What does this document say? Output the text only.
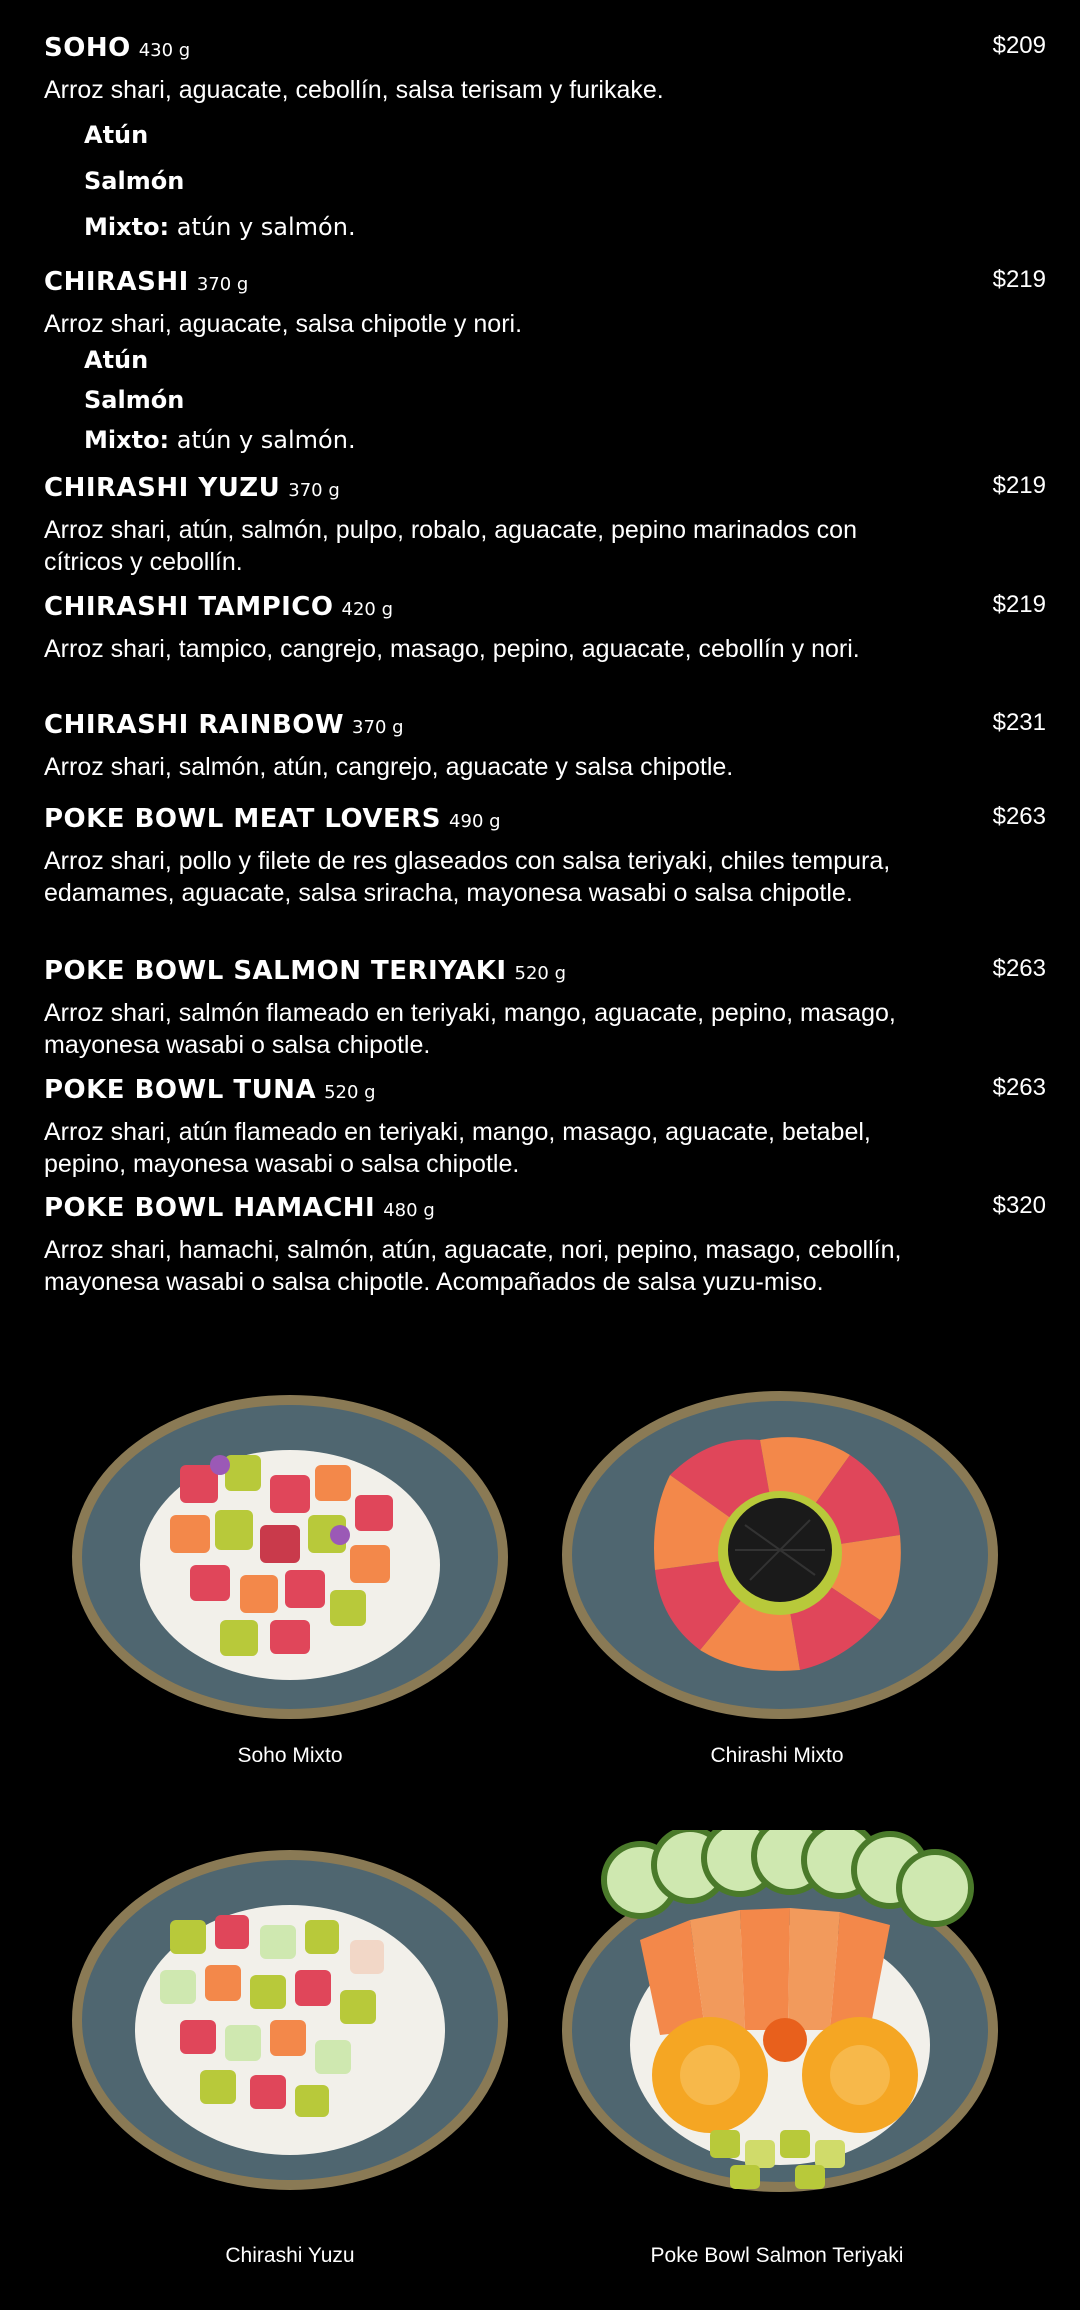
SOHO 430 g	$209
Arroz shari, aguacate, cebollín, salsa terisam y furikake.
Atún
Salmón
Mixto: atún y salmón.
CHIRASHI 370 g	$219
Arroz shari, aguacate, salsa chipotle y nori.
Atún
Salmón
Mixto: atún y salmón.
CHIRASHI YUZU 370 g	$219
Arroz shari, atún, salmón, pulpo, robalo, aguacate, pepino marinados con cítricos y cebollín.
CHIRASHI TAMPICO 420 g	$219
Arroz shari, tampico, cangrejo, masago, pepino, aguacate, cebollín y nori.
CHIRASHI RAINBOW 370 g	$231
Arroz shari, salmón, atún, cangrejo, aguacate y salsa chipotle.
POKE BOWL MEAT LOVERS 490 g	$263
Arroz shari, pollo y filete de res glaseados con salsa teriyaki, chiles tempura, edamames, aguacate, salsa sriracha, mayonesa wasabi o salsa chipotle.
POKE BOWL SALMON TERIYAKI 520 g	$263
Arroz shari, salmón flameado en teriyaki, mango, aguacate, pepino, masago, mayonesa wasabi o salsa chipotle.
POKE BOWL TUNA 520 g	$263
Arroz shari, atún flameado en teriyaki, mango, masago, aguacate, betabel, pepino, mayonesa wasabi o salsa chipotle.
POKE BOWL HAMACHI 480 g	$320
Arroz shari, hamachi, salmón, atún, aguacate, nori, pepino, masago, cebollín, mayonesa wasabi o salsa chipotle. Acompañados de salsa yuzu-miso.
Soho Mixto	Chirashi Mixto
Chirashi Yuzu	Poke Bowl Salmon Teriyaki
